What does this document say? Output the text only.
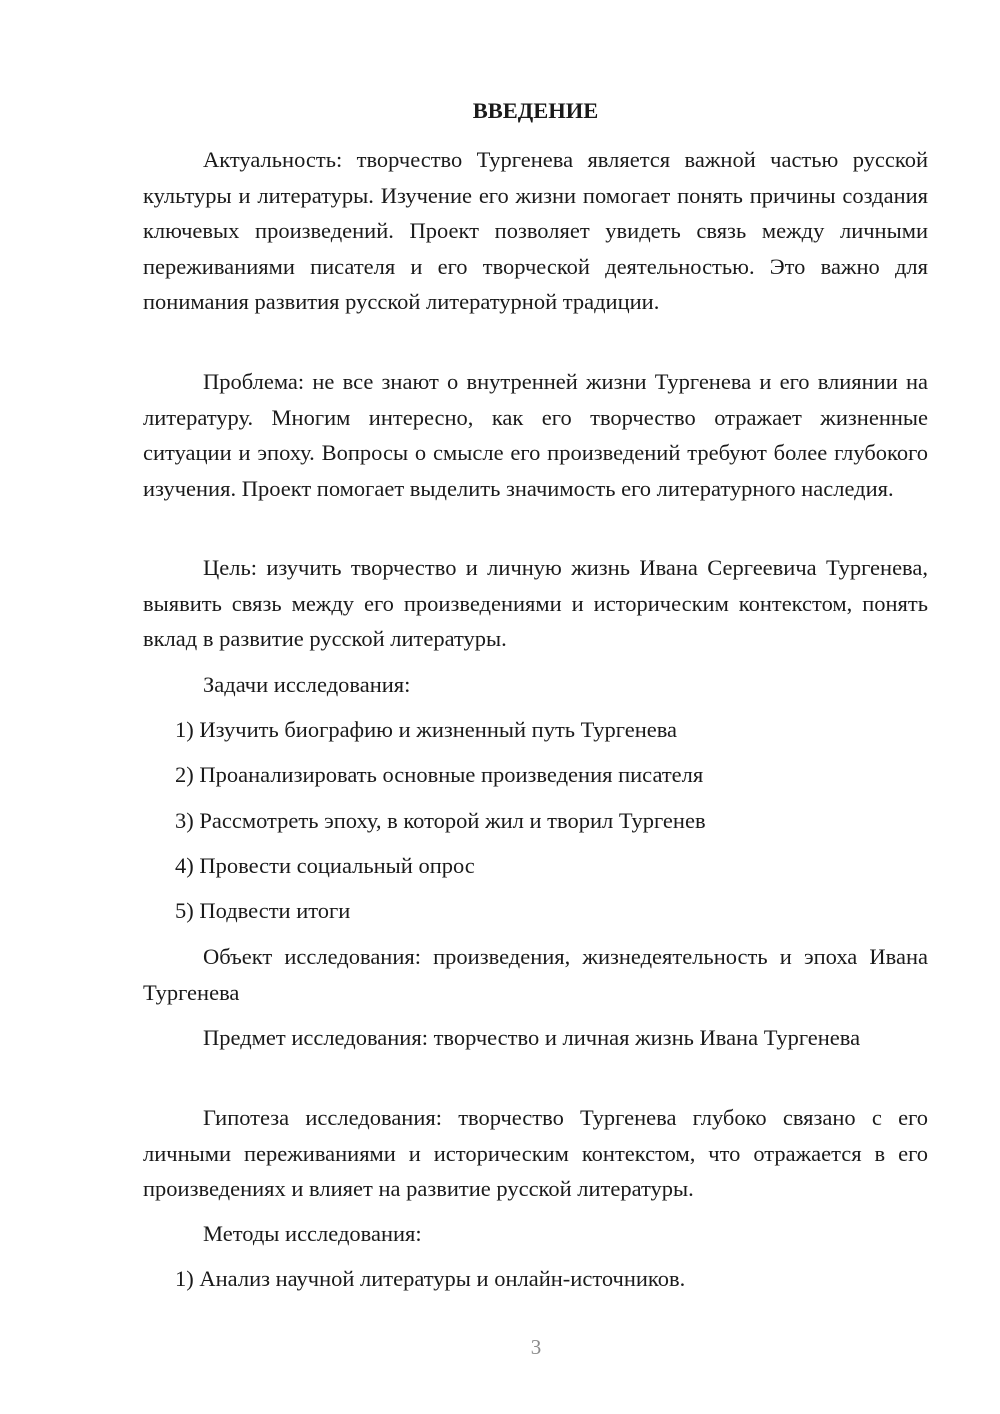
ВВЕДЕНИЕ

Актуальность: творчество Тургенева является важной частью русской культуры и литературы. Изучение его жизни помогает понять причины создания ключевых произведений. Проект позволяет увидеть связь между личными переживаниями писателя и его творческой деятельностью. Это важно для понимания развития русской литературной традиции.

Проблема: не все знают о внутренней жизни Тургенева и его влиянии на литературу. Многим интересно, как его творчество отражает жизненные ситуации и эпоху. Вопросы о смысле его произведений требуют более глубокого изучения. Проект помогает выделить значимость его литературного наследия.

Цель: изучить творчество и личную жизнь Ивана Сергеевича Тургенева, выявить связь между его произведениями и историческим контекстом, понять вклад в развитие русской литературы.

Задачи исследования:

1) Изучить биографию и жизненный путь Тургенева

2) Проанализировать основные произведения писателя

3) Рассмотреть эпоху, в которой жил и творил Тургенев

4) Провести социальный опрос

5) Подвести итоги

Объект исследования: произведения, жизнедеятельность и эпоха Ивана Тургенева

Предмет исследования: творчество и личная жизнь Ивана Тургенева

Гипотеза исследования: творчество Тургенева глубоко связано с его личными переживаниями и историческим контекстом, что отражается в его произведениях и влияет на развитие русской литературы.

Методы исследования:

1) Анализ научной литературы и онлайн-источников.

3
